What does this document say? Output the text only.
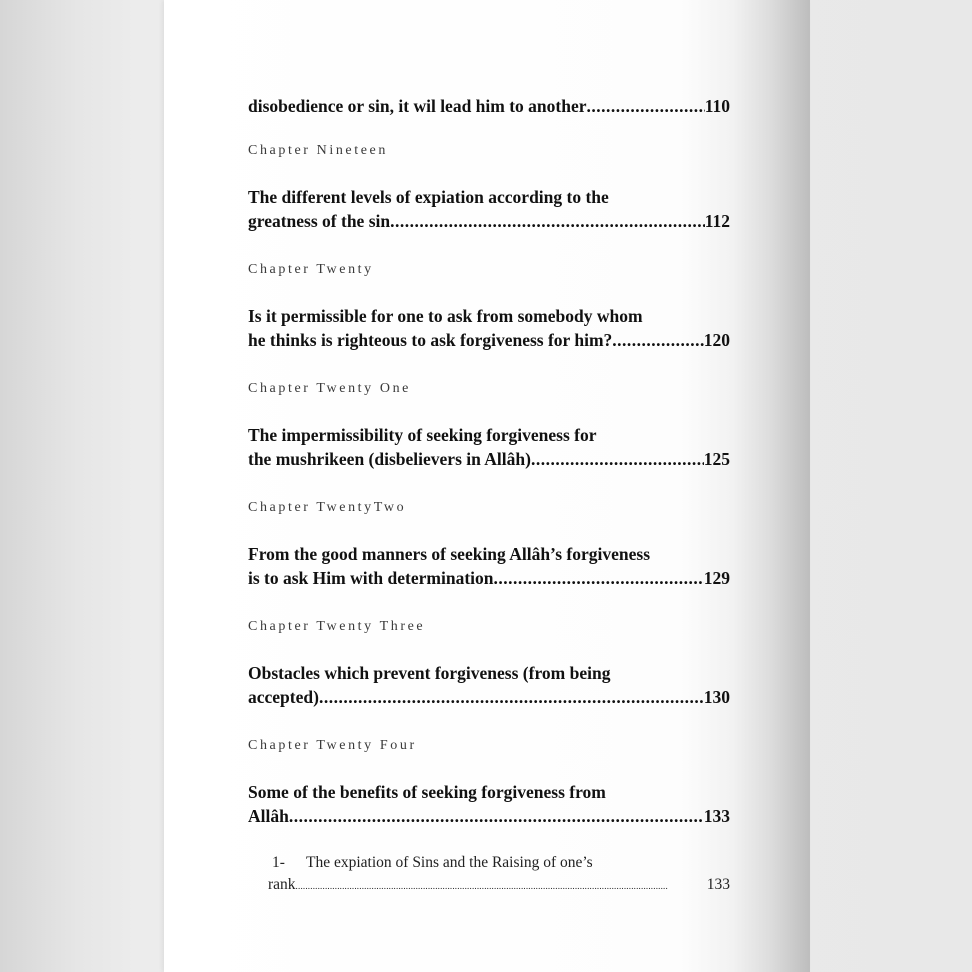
disobedience or sin, it wil lead him to another .....	110
Chapter Nineteen
The different levels of expiation according to the
greatness of the sin .....	112
Chapter Twenty
Is it permissible for one to ask from somebody whom
he thinks is righteous to ask forgiveness for him? .....	120
Chapter Twenty One
The impermissibility of seeking forgiveness for
the mushrikeen (disbelievers in Allâh) .....	125
Chapter TwentyTwo
From the good manners of seeking Allâh’s forgiveness
is to ask Him with determination .....	129
Chapter Twenty Three
Obstacles which prevent forgiveness (from being
accepted) .....	130
Chapter Twenty Four
Some of the benefits of seeking forgiveness from
Allâh .....	133
1- The expiation of Sins and the Raising of one’s
rank .....	133
